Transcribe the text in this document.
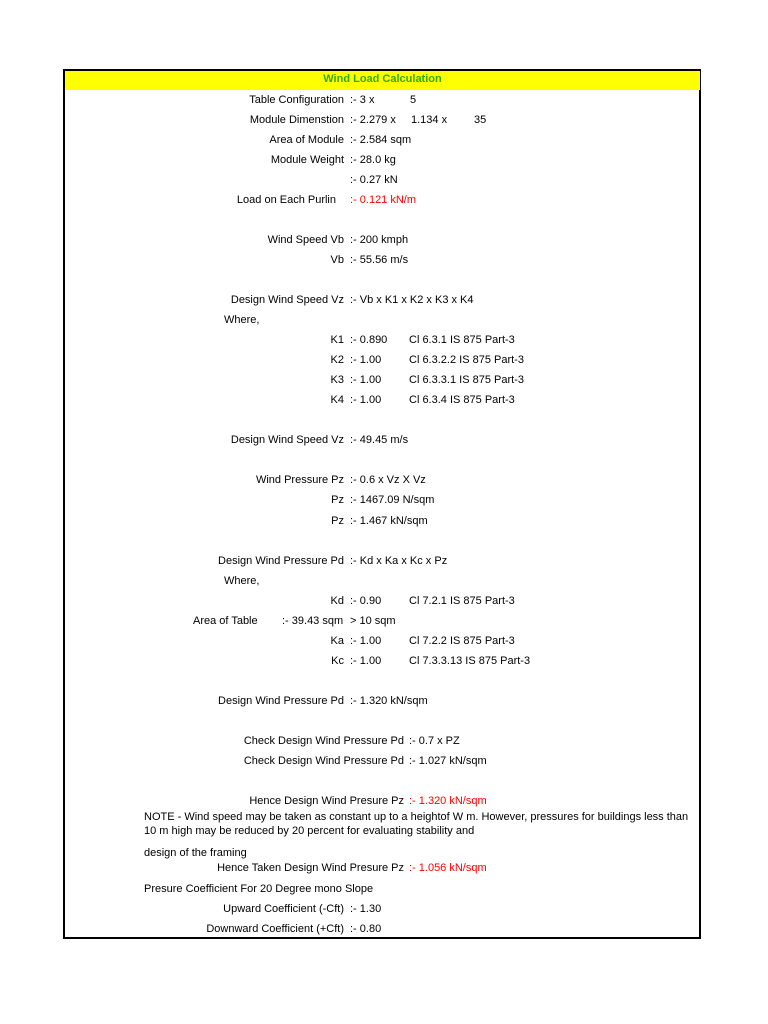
Wind Load Calculation
Table Configuration :- 3 x	5
Module Dimenstion :- 2.279 x 1.134 x 35
Area of Module :- 2.584 sqm
Module Weight :- 28.0 kg
:- 0.27 kN
Load on Each Purlin :- 0.121 kN/m
Wind Speed Vb :- 200 kmph
Vb :- 55.56 m/s
Design Wind Speed Vz :- Vb x K1 x K2 x K3 x K4
Where,
K1 :- 0.890 Cl 6.3.1 IS 875 Part-3
K2 :- 1.00	Cl 6.3.2.2 IS 875 Part-3
K3 :- 1.00	Cl 6.3.3.1 IS 875 Part-3
K4 :- 1.00	Cl 6.3.4 IS 875 Part-3
Design Wind Speed Vz :- 49.45 m/s
Wind Pressure Pz :- 0.6 x Vz X Vz
Pz :- 1467.09 N/sqm
Pz :- 1.467 kN/sqm
Design Wind Pressure Pd :- Kd x Ka x Kc x Pz
Where,
Kd :- 0.90	Cl 7.2.1 IS 875 Part-3
Area of Table :- 39.43 sqm > 10 sqm
Ka :- 1.00	Cl 7.2.2 IS 875 Part-3
Kc :- 1.00	Cl 7.3.3.13 IS 875 Part-3
Design Wind Pressure Pd :- 1.320 kN/sqm
Check Design Wind Pressure Pd :- 0.7 x PZ
Check Design Wind Pressure Pd :- 1.027 kN/sqm
Hence Design Wind Presure Pz :- 1.320 kN/sqm
NOTE - Wind speed may be taken as constant up to a heightof W m. However, pressures for buildings less than 10 m high may be reduced by 20 percent for evaluating stability and
design of the framing
Hence Taken Design Wind Presure Pz :- 1.056 kN/sqm
Presure Coefficient For 20 Degree mono Slope
Upward Coefficient (-Cft) :- 1.30
Downward Coefficient (+Cft) :- 0.80
